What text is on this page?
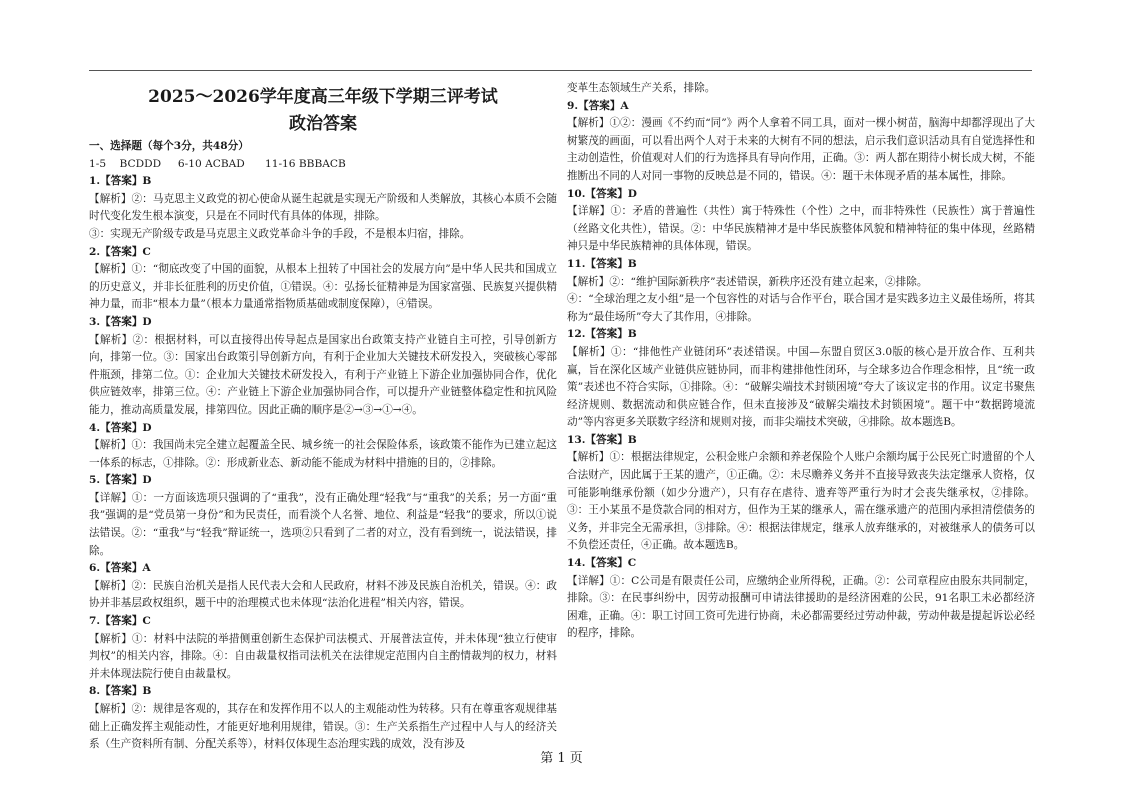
2025～2026学年度高三年级下学期三评考试
政治答案
一、选择题（每个3分，共48分）
1-5    BCDDD     6-10 ACBAD      11-16 BBBACB
1.【答案】B

【解析】②：马克思主义政党的初心使命从诞生起就是实现无产阶级和人类解放，其核心本质不会随时代变化发生根本演变，只是在不同时代有具体的体现，排除。
③：实现无产阶级专政是马克思主义政党革命斗争的手段，不是根本归宿，排除。

2.【答案】C

【解析】①：“彻底改变了中国的面貌，从根本上扭转了中国社会的发展方向”是中华人民共和国成立的历史意义，并非长征胜利的历史价值，①错误。④：弘扬长征精神是为国家富强、民族复兴提供精神力量，而非“根本力量”（根本力量通常指物质基础或制度保障），④错误。

3.【答案】D

【解析】②：根据材料，可以直接得出传导起点是国家出台政策支持产业链自主可控，引导创新方向，排第一位。③：国家出台政策引导创新方向，有利于企业加大关键技术研发投入，突破核心零部件瓶颈，排第二位。①：企业加大关键技术研发投入，有利于产业链上下游企业加强协同合作，优化供应链效率，排第三位。④：产业链上下游企业加强协同合作，可以提升产业链整体稳定性和抗风险能力，推动高质量发展，排第四位。因此正确的顺序是②→③→①→④。

4.【答案】D

【解析】①：我国尚未完全建立起覆盖全民、城乡统一的社会保险体系，该政策不能作为已建立起这一体系的标志，①排除。②：形成新业态、新动能不能成为材料中措施的目的，②排除。

5.【答案】D

【详解】①：一方面该选项只强调的了“重我”，没有正确处理“轻我”与“重我”的关系；另一方面“重我”强调的是“党员第一身份”和为民责任，而看淡个人名誉、地位、利益是“轻我”的要求，所以①说法错误。②：“重我”与“轻我”辩证统一，选项②只看到了二者的对立，没有看到统一，说法错误，排除。

6.【答案】A

【解析】②：民族自治机关是指人民代表大会和人民政府，材料不涉及民族自治机关，错误。④：政协并非基层政权组织，题干中的治理模式也未体现“法治化进程”相关内容，错误。

7.【答案】C

【解析】①：材料中法院的举措侧重创新生态保护司法模式、开展普法宣传，并未体现“独立行使审判权”的相关内容，排除。④：自由裁量权指司法机关在法律规定范围内自主酌情裁判的权力，材料并未体现法院行使自由裁量权。

8.【答案】B

【解析】②：规律是客观的，其存在和发挥作用不以人的主观能动性为转移。只有在尊重客观规律基础上正确发挥主观能动性，才能更好地利用规律，错误。③：生产关系指生产过程中人与人的经济关系（生产资料所有制、分配关系等），材料仅体现生态治理实践的成效，没有涉及

变革生态领域生产关系，排除。

9.【答案】A

【解析】①②：漫画《不约而“同”》两个人拿着不同工具，面对一棵小树苗，脑海中却都浮现出了大树繁茂的画面，可以看出两个人对于未来的大树有不同的想法，启示我们意识活动具有自觉选择性和主动创造性，价值观对人们的行为选择具有导向作用，正确。③：两人都在期待小树长成大树，不能推断出不同的人对同一事物的反映总是不同的，错误。④：题干未体现矛盾的基本属性，排除。

10.【答案】D

【详解】①：矛盾的普遍性（共性）寓于特殊性（个性）之中，而非特殊性（民族性）寓于普遍性（丝路文化共性），错误。②：中华民族精神才是中华民族整体风貌和精神特征的集中体现，丝路精神只是中华民族精神的具体体现，错误。

11.【答案】B

【解析】②：“维护国际新秩序”表述错误，新秩序还没有建立起来，②排除。
④：“全球治理之友小组”是一个包容性的对话与合作平台，联合国才是实践多边主义最佳场所，将其称为“最佳场所”夸大了其作用，④排除。

12.【答案】B

【解析】①：“排他性产业链闭环”表述错误。中国—东盟自贸区3.0版的核心是开放合作、互利共赢，旨在深化区域产业链供应链协同，而非构建排他性闭环，与全球多边合作理念相悖，且“统一政策”表述也不符合实际，①排除。④：“破解尖端技术封锁困境”夸大了该议定书的作用。议定书聚焦经济规则、数据流动和供应链合作，但未直接涉及“破解尖端技术封锁困境”。题干中“数据跨境流动”等内容更多关联数字经济和规则对接，而非尖端技术突破，④排除。故本题选B。

13.【答案】B

【解析】①：根据法律规定，公积金账户余额和养老保险个人账户余额均属于公民死亡时遗留的个人合法财产，因此属于王某的遗产，①正确。②：未尽赡养义务并不直接导致丧失法定继承人资格，仅可能影响继承份额（如少分遗产），只有存在虐待、遗弃等严重行为时才会丧失继承权，②排除。③：王小某虽不是贷款合同的相对方，但作为王某的继承人，需在继承遗产的范围内承担清偿债务的义务，并非完全无需承担，③排除。④：根据法律规定，继承人放弃继承的，对被继承人的债务可以不负偿还责任，④正确。故本题选B。

14.【答案】C

【详解】①：C公司是有限责任公司，应缴纳企业所得税，正确。②：公司章程应由股东共同制定，排除。③：在民事纠纷中，因劳动报酬可申请法律援助的是经济困难的公民，91名职工未必都经济困难，正确。④：职工讨回工资可先进行协商，未必都需要经过劳动仲裁，劳动仲裁是提起诉讼必经的程序，排除。

第 1 页
